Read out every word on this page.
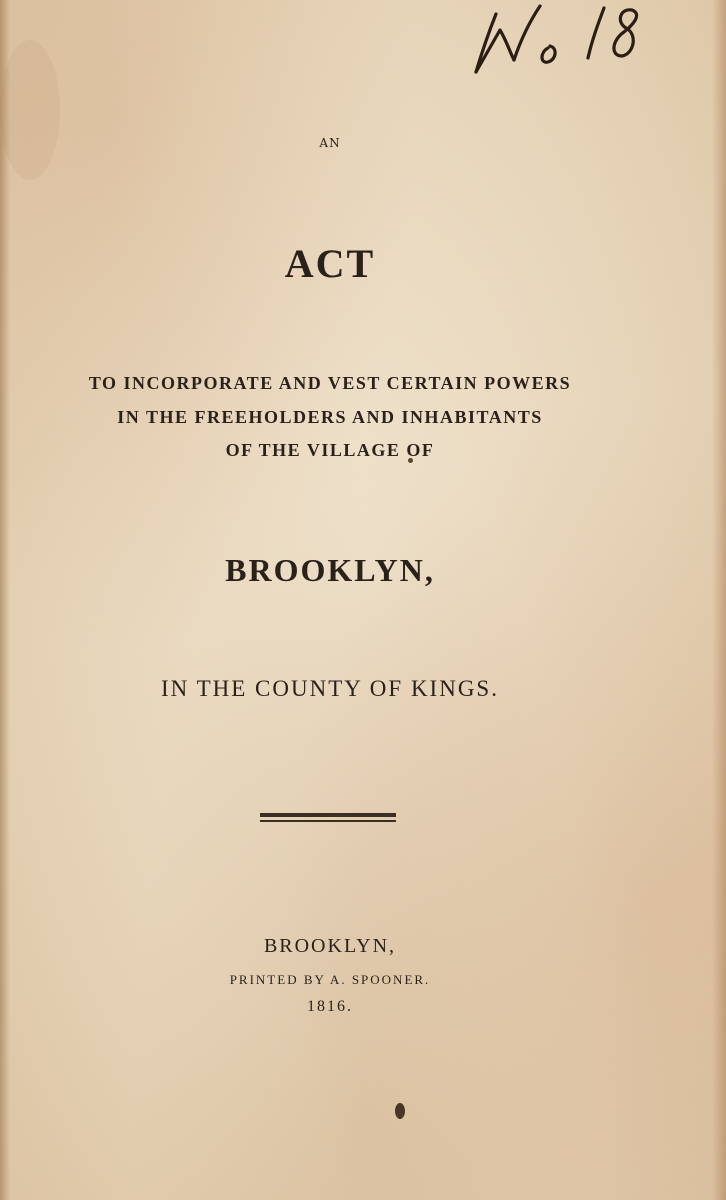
AN
ACT
TO INCORPORATE AND VEST CERTAIN POWERS
IN THE FREEHOLDERS AND INHABITANTS
OF THE VILLAGE OF
BROOKLYN,
IN THE COUNTY OF KINGS.
BROOKLYN,
PRINTED BY A. SPOONER.
1816.
